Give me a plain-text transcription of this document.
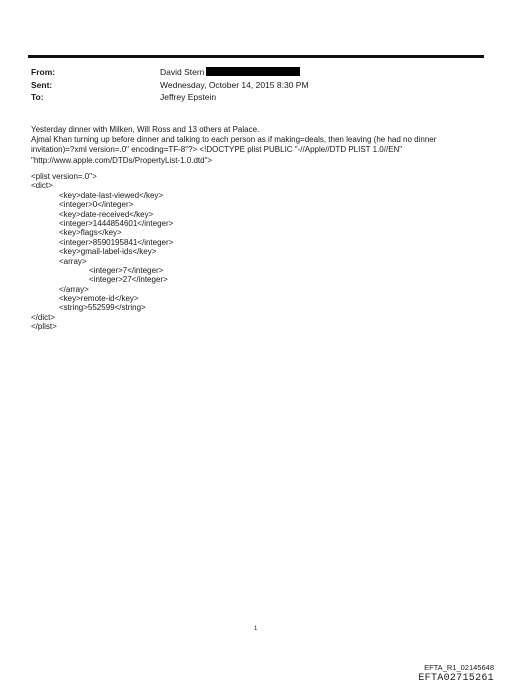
From:
Sent:
To:
David Stern
Wednesday, October 14, 2015 8:30 PM
Jeffrey Epstein

Yesterday dinner with Milken, Will Ross and 13 others at Palace.

Ajmal Khan turning up before dinner and talking to each person as if making=deals, then leaving (he had no dinner invitation)=?xml version=.0" encoding=TF-8"?> <!DOCTYPE plist PUBLIC "-//Apple//DTD PLIST 1.0//EN"

"http://www.apple.com/DTDs/PropertyList-1.0.dtd">

<plist version=.0">
<dict>
<key>date-last-viewed</key>
<integer>0</integer>
<key>date-received</key>
<integer>1444854601</integer>
<key>flags</key>
<integer>8590195841</integer>
<key>gmail-label-ids</key>
<array>
<integer>7</integer>
<integer>27</integer>
</array>
<key>remote-id</key>
<string>552599</string>
</dict>
</plist>
1
EFTA_R1_02145648
EFTA02715261
